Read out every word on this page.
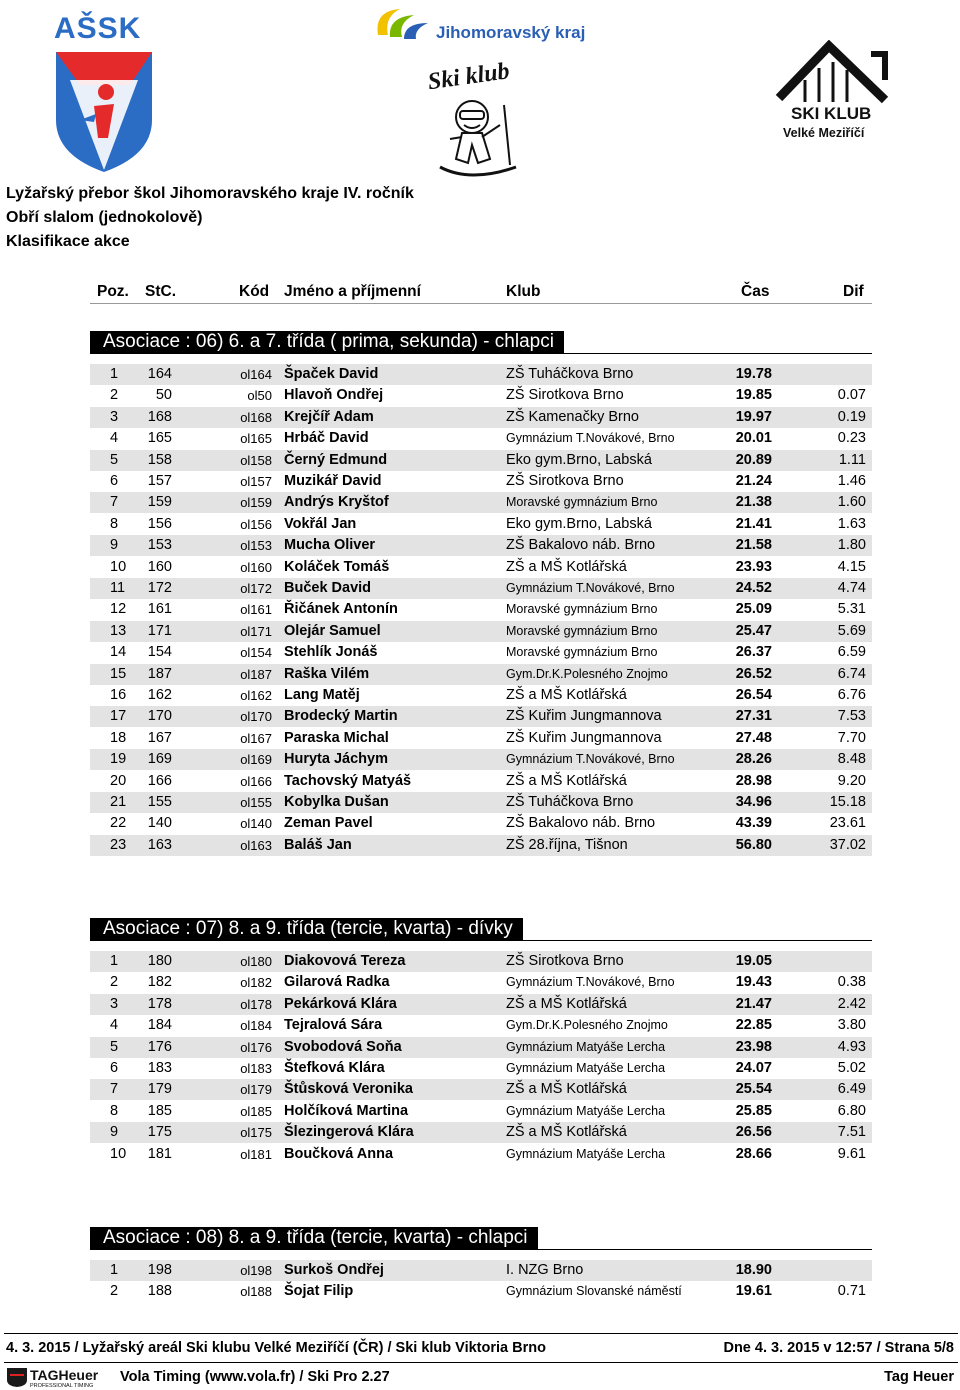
AŠSK	Jihomoravský kraj
Ski klub
SKI KLUB
Velké Meziříčí
Lyžařský přebor škol Jihomoravského kraje IV. ročník
Obří slalom (jednokolově)
Klasifikace akce
Poz. StC.	Kód Jméno a příjmenní	Klub	Čas	Dif
Asociace : 06) 6. a 7. třída ( prima, sekunda) - chlapci
1	164	ol164 Špaček David	ZŠ Tuháčkova Brno	19.78
2	50	ol50 Hlavoň Ondřej	ZŠ Sirotkova Brno	19.85	0.07
3	168	ol168 Krejčíř Adam	ZŠ Kamenačky Brno	19.97	0.19
4	165	ol165 Hrbáč David	Gymnázium T.Novákové, Brno	20.01	0.23
5	158	ol158 Černý Edmund	Eko gym.Brno, Labská	20.89	1.11
6	157	ol157 Muzikář David	ZŠ Sirotkova Brno	21.24	1.46
7	159	ol159 Andrýs Kryštof	Moravské gymnázium Brno	21.38	1.60
8	156	ol156 Vokřál Jan	Eko gym.Brno, Labská	21.41	1.63
9	153	ol153 Mucha Oliver	ZŠ Bakalovo náb. Brno	21.58	1.80
10	160	ol160 Koláček Tomáš	ZŠ a MŠ Kotlářská	23.93	4.15
11	172	ol172 Buček David	Gymnázium T.Novákové, Brno	24.52	4.74
12	161	ol161 Řičánek Antonín	Moravské gymnázium Brno	25.09	5.31
13	171	ol171 Olejár Samuel	Moravské gymnázium Brno	25.47	5.69
14	154	ol154 Stehlík Jonáš	Moravské gymnázium Brno	26.37	6.59
15	187	ol187 Raška Vilém	Gym.Dr.K.Polesného Znojmo	26.52	6.74
16	162	ol162 Lang Matěj	ZŠ a MŠ Kotlářská	26.54	6.76
17	170	ol170 Brodecký Martin	ZŠ Kuřim Jungmannova	27.31	7.53
18	167	ol167 Paraska Michal	ZŠ Kuřim Jungmannova	27.48	7.70
19	169	ol169 Huryta Jáchym	Gymnázium T.Novákové, Brno	28.26	8.48
20	166	ol166 Tachovský Matyáš	ZŠ a MŠ Kotlářská	28.98	9.20
21	155	ol155 Kobylka Dušan	ZŠ Tuháčkova Brno	34.96	15.18
22	140	ol140 Zeman Pavel	ZŠ Bakalovo náb. Brno	43.39	23.61
23	163	ol163 Baláš Jan	ZŠ 28.října, Tišnon	56.80	37.02
Asociace : 07) 8. a 9. třída (tercie, kvarta) - dívky
1	180	ol180 Diakovová Tereza	ZŠ Sirotkova Brno	19.05
2	182	ol182 Gilarová Radka	Gymnázium T.Novákové, Brno	19.43	0.38
3	178	ol178 Pekárková Klára	ZŠ a MŠ Kotlářská	21.47	2.42
4	184	ol184 Tejralová Sára	Gym.Dr.K.Polesného Znojmo	22.85	3.80
5	176	ol176 Svobodová Soňa	Gymnázium Matyáše Lercha	23.98	4.93
6	183	ol183 Štefková Klára	Gymnázium Matyáše Lercha	24.07	5.02
7	179	ol179 Štůsková Veronika	ZŠ a MŠ Kotlářská	25.54	6.49
8	185	ol185 Holčíková Martina	Gymnázium Matyáše Lercha	25.85	6.80
9	175	ol175 Šlezingerová Klára	ZŠ a MŠ Kotlářská	26.56	7.51
10	181	ol181 Boučková Anna	Gymnázium Matyáše Lercha	28.66	9.61
Asociace : 08) 8. a 9. třída (tercie, kvarta) - chlapci
1	198	ol198 Surkoš Ondřej	I. NZG Brno	18.90
2	188	ol188 Šojat Filip	Gymnázium Slovanské náměstí	19.61	0.71
4. 3. 2015 / Lyžařský areál Ski klubu Velké Meziříčí (ČR) / Ski klub Viktoria Brno	Dne 4. 3. 2015 v 12:57 / Strana 5/8
TAGHeuer
PROFESSIONAL TIMING
Vola Timing (www.vola.fr) / Ski Pro 2.27	Tag Heuer
